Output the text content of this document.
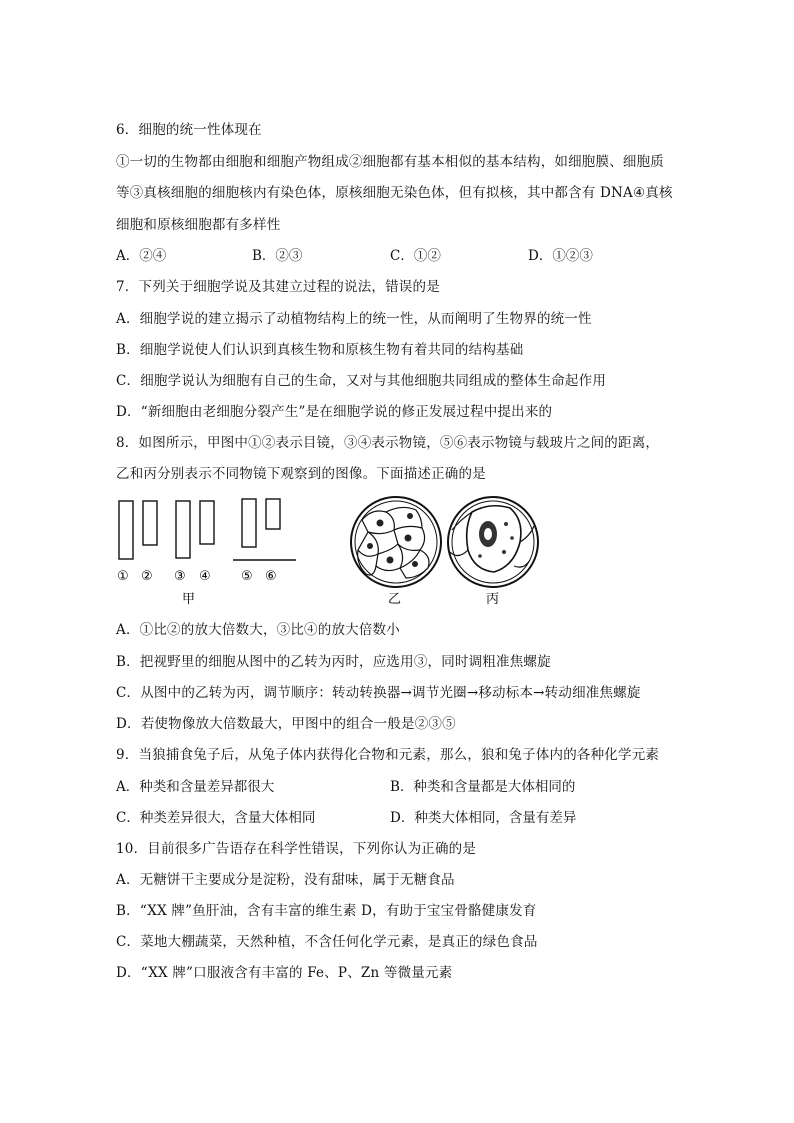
6．细胞的统一性体现在
①一切的生物都由细胞和细胞产物组成②细胞都有基本相似的基本结构，如细胞膜、细胞质
等③真核细胞的细胞核内有染色体，原核细胞无染色体，但有拟核，其中都含有 DNA④真核
细胞和原核细胞都有多样性
A．②④	B．②③	C．①②	D．①②③
7．下列关于细胞学说及其建立过程的说法，错误的是
A．细胞学说的建立揭示了动植物结构上的统一性，从而阐明了生物界的统一性
B．细胞学说使人们认识到真核生物和原核生物有着共同的结构基础
C．细胞学说认为细胞有自己的生命，又对与其他细胞共同组成的整体生命起作用
D．“新细胞由老细胞分裂产生”是在细胞学说的修正发展过程中提出来的
8．如图所示，甲图中①②表示目镜，③④表示物镜，⑤⑥表示物镜与载玻片之间的距离，
乙和丙分别表示不同物镜下观察到的图像。下面描述正确的是
① ② ③ ④ ⑤ ⑥
甲	乙	丙
A．①比②的放大倍数大，③比④的放大倍数小
B．把视野里的细胞从图中的乙转为丙时，应选用③，同时调粗准焦螺旋
C．从图中的乙转为丙，调节顺序：转动转换器→调节光圈→移动标本→转动细准焦螺旋
D．若使物像放大倍数最大，甲图中的组合一般是②③⑤
9．当狼捕食兔子后，从兔子体内获得化合物和元素，那么，狼和兔子体内的各种化学元素
A．种类和含量差异都很大	B．种类和含量都是大体相同的
C．种类差异很大，含量大体相同	D．种类大体相同，含量有差异
10．目前很多广告语存在科学性错误，下列你认为正确的是
A．无糖饼干主要成分是淀粉，没有甜味，属于无糖食品
B．“XX 牌”鱼肝油，含有丰富的维生素 D，有助于宝宝骨骼健康发育
C．菜地大棚蔬菜，天然种植，不含任何化学元素，是真正的绿色食品
D．“XX 牌”口服液含有丰富的 Fe、P、Zn 等微量元素
